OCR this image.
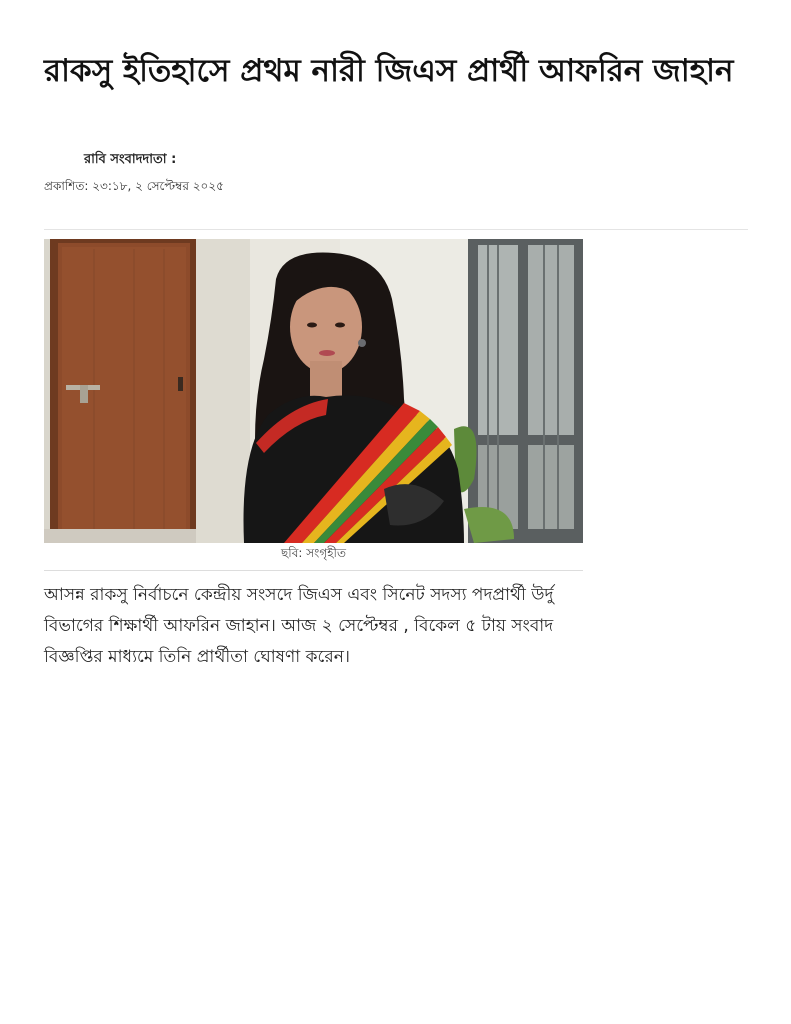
রাকসু ইতিহাসে প্রথম নারী জিএস প্রার্থী আফরিন জাহান
রাবি সংবাদদাতা :
প্রকাশিত: ২৩:১৮, ২ সেপ্টেম্বর ২০২৫
ছবি: সংগৃহীত

আসন্ন রাকসু নির্বাচনে কেন্দ্রীয় সংসদে জিএস এবং সিনেট সদস্য পদপ্রার্থী উর্দু বিভাগের শিক্ষার্থী আফরিন জাহান। আজ ২ সেপ্টেম্বর , বিকেল ৫ টায় সংবাদ বিজ্ঞপ্তির মাধ্যমে তিনি প্রার্থীতা ঘোষণা করেন।
